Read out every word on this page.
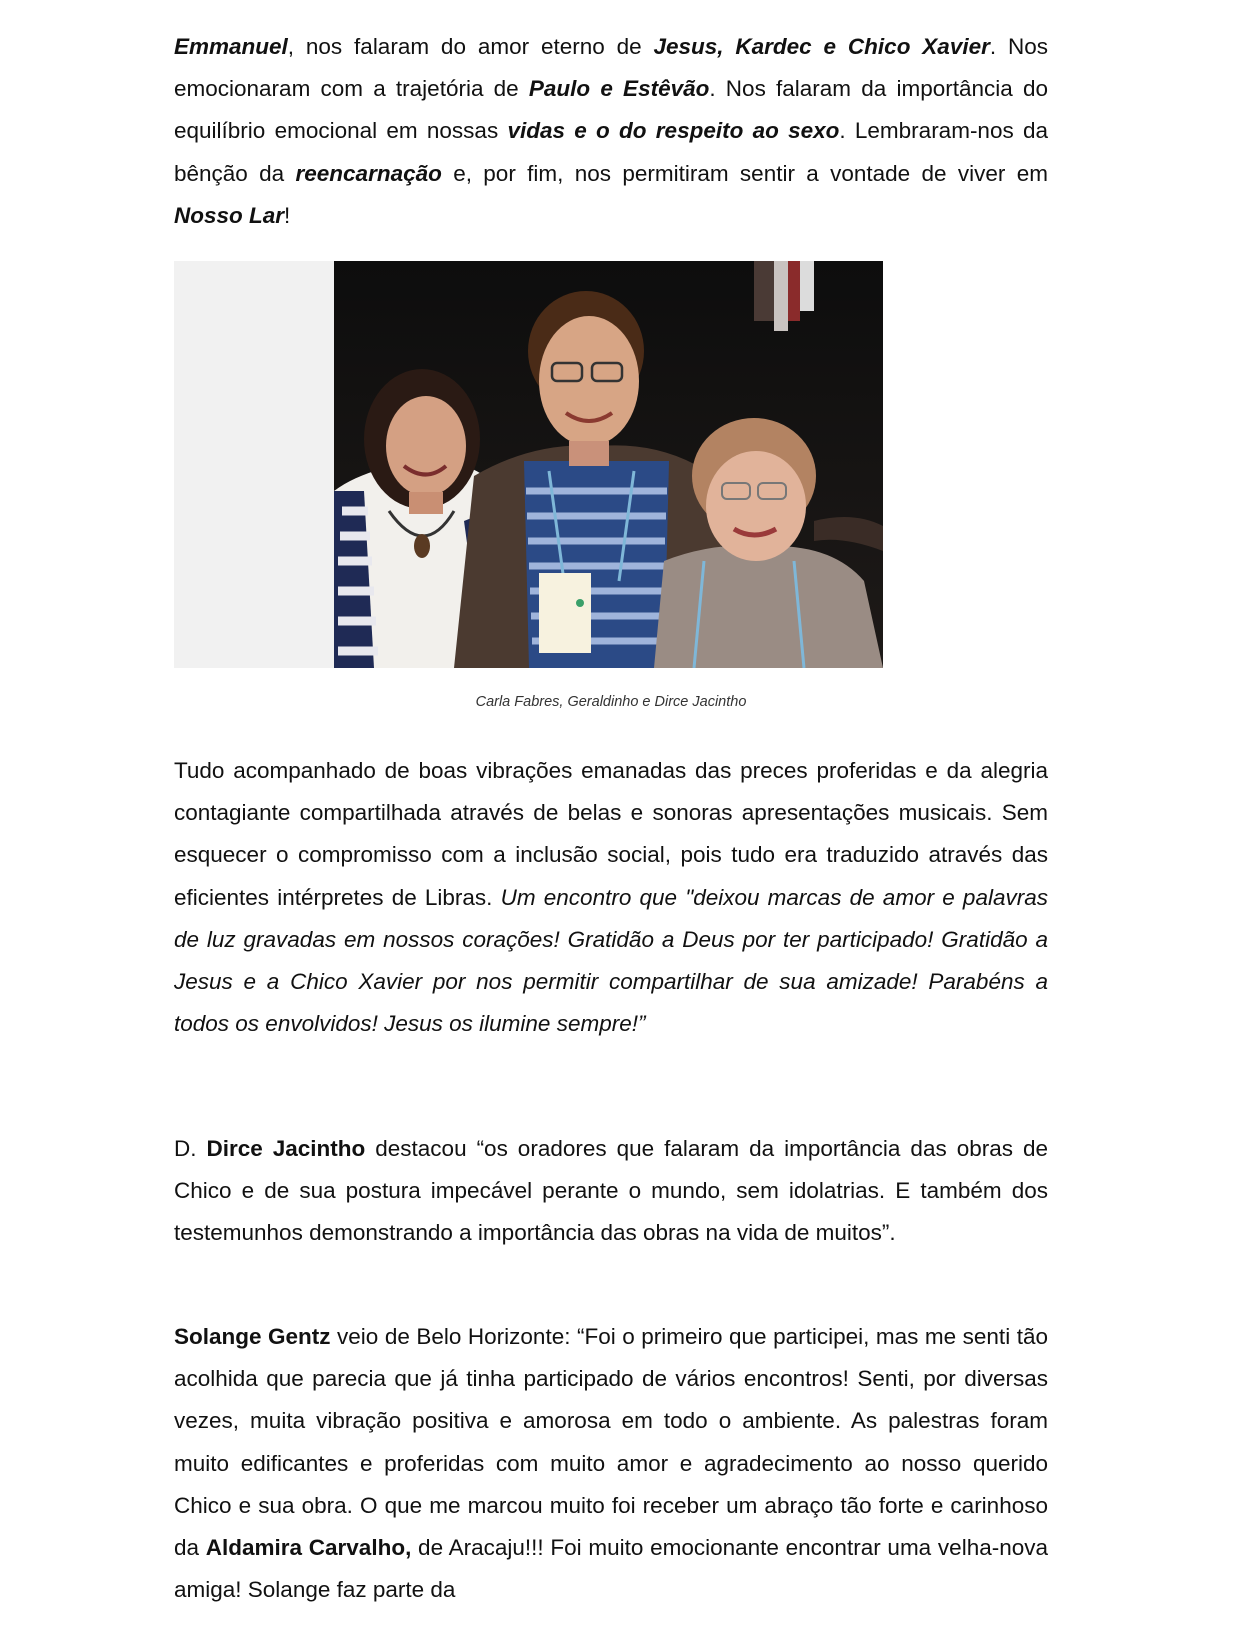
Emmanuel, nos falaram do amor eterno de Jesus, Kardec e Chico Xavier. Nos emocionaram com a trajetória de Paulo e Estêvão. Nos falaram da importância do equilíbrio emocional em nossas vidas e o do respeito ao sexo. Lembraram-nos da bênção da reencarnação e, por fim, nos permitiram sentir a vontade de viver em Nosso Lar!

Carla Fabres, Geraldinho e Dirce Jacintho

Tudo acompanhado de boas vibrações emanadas das preces proferidas e da alegria contagiante compartilhada através de belas e sonoras apresentações musicais. Sem esquecer o compromisso com a inclusão social, pois tudo era traduzido através das eficientes intérpretes de Libras. Um encontro que "deixou marcas de amor e palavras de luz gravadas em nossos corações! Gratidão a Deus por ter participado! Gratidão a Jesus e a Chico Xavier por nos permitir compartilhar de sua amizade! Parabéns a todos os envolvidos! Jesus os ilumine sempre!”

D. Dirce Jacintho destacou “os oradores que falaram da importância das obras de Chico e de sua postura impecável perante o mundo, sem idolatrias. E também dos testemunhos demonstrando a importância das obras na vida de muitos”.

Solange Gentz veio de Belo Horizonte: “Foi o primeiro que participei, mas me senti tão acolhida que parecia que já tinha participado de vários encontros! Senti, por diversas vezes, muita vibração positiva e amorosa em todo o ambiente. As palestras foram muito edificantes e proferidas com muito amor e agradecimento ao nosso querido Chico e sua obra. O que me marcou muito foi receber um abraço tão forte e carinhoso da Aldamira Carvalho, de Aracaju!!! Foi muito emocionante encontrar uma velha-nova amiga! Solange faz parte da
